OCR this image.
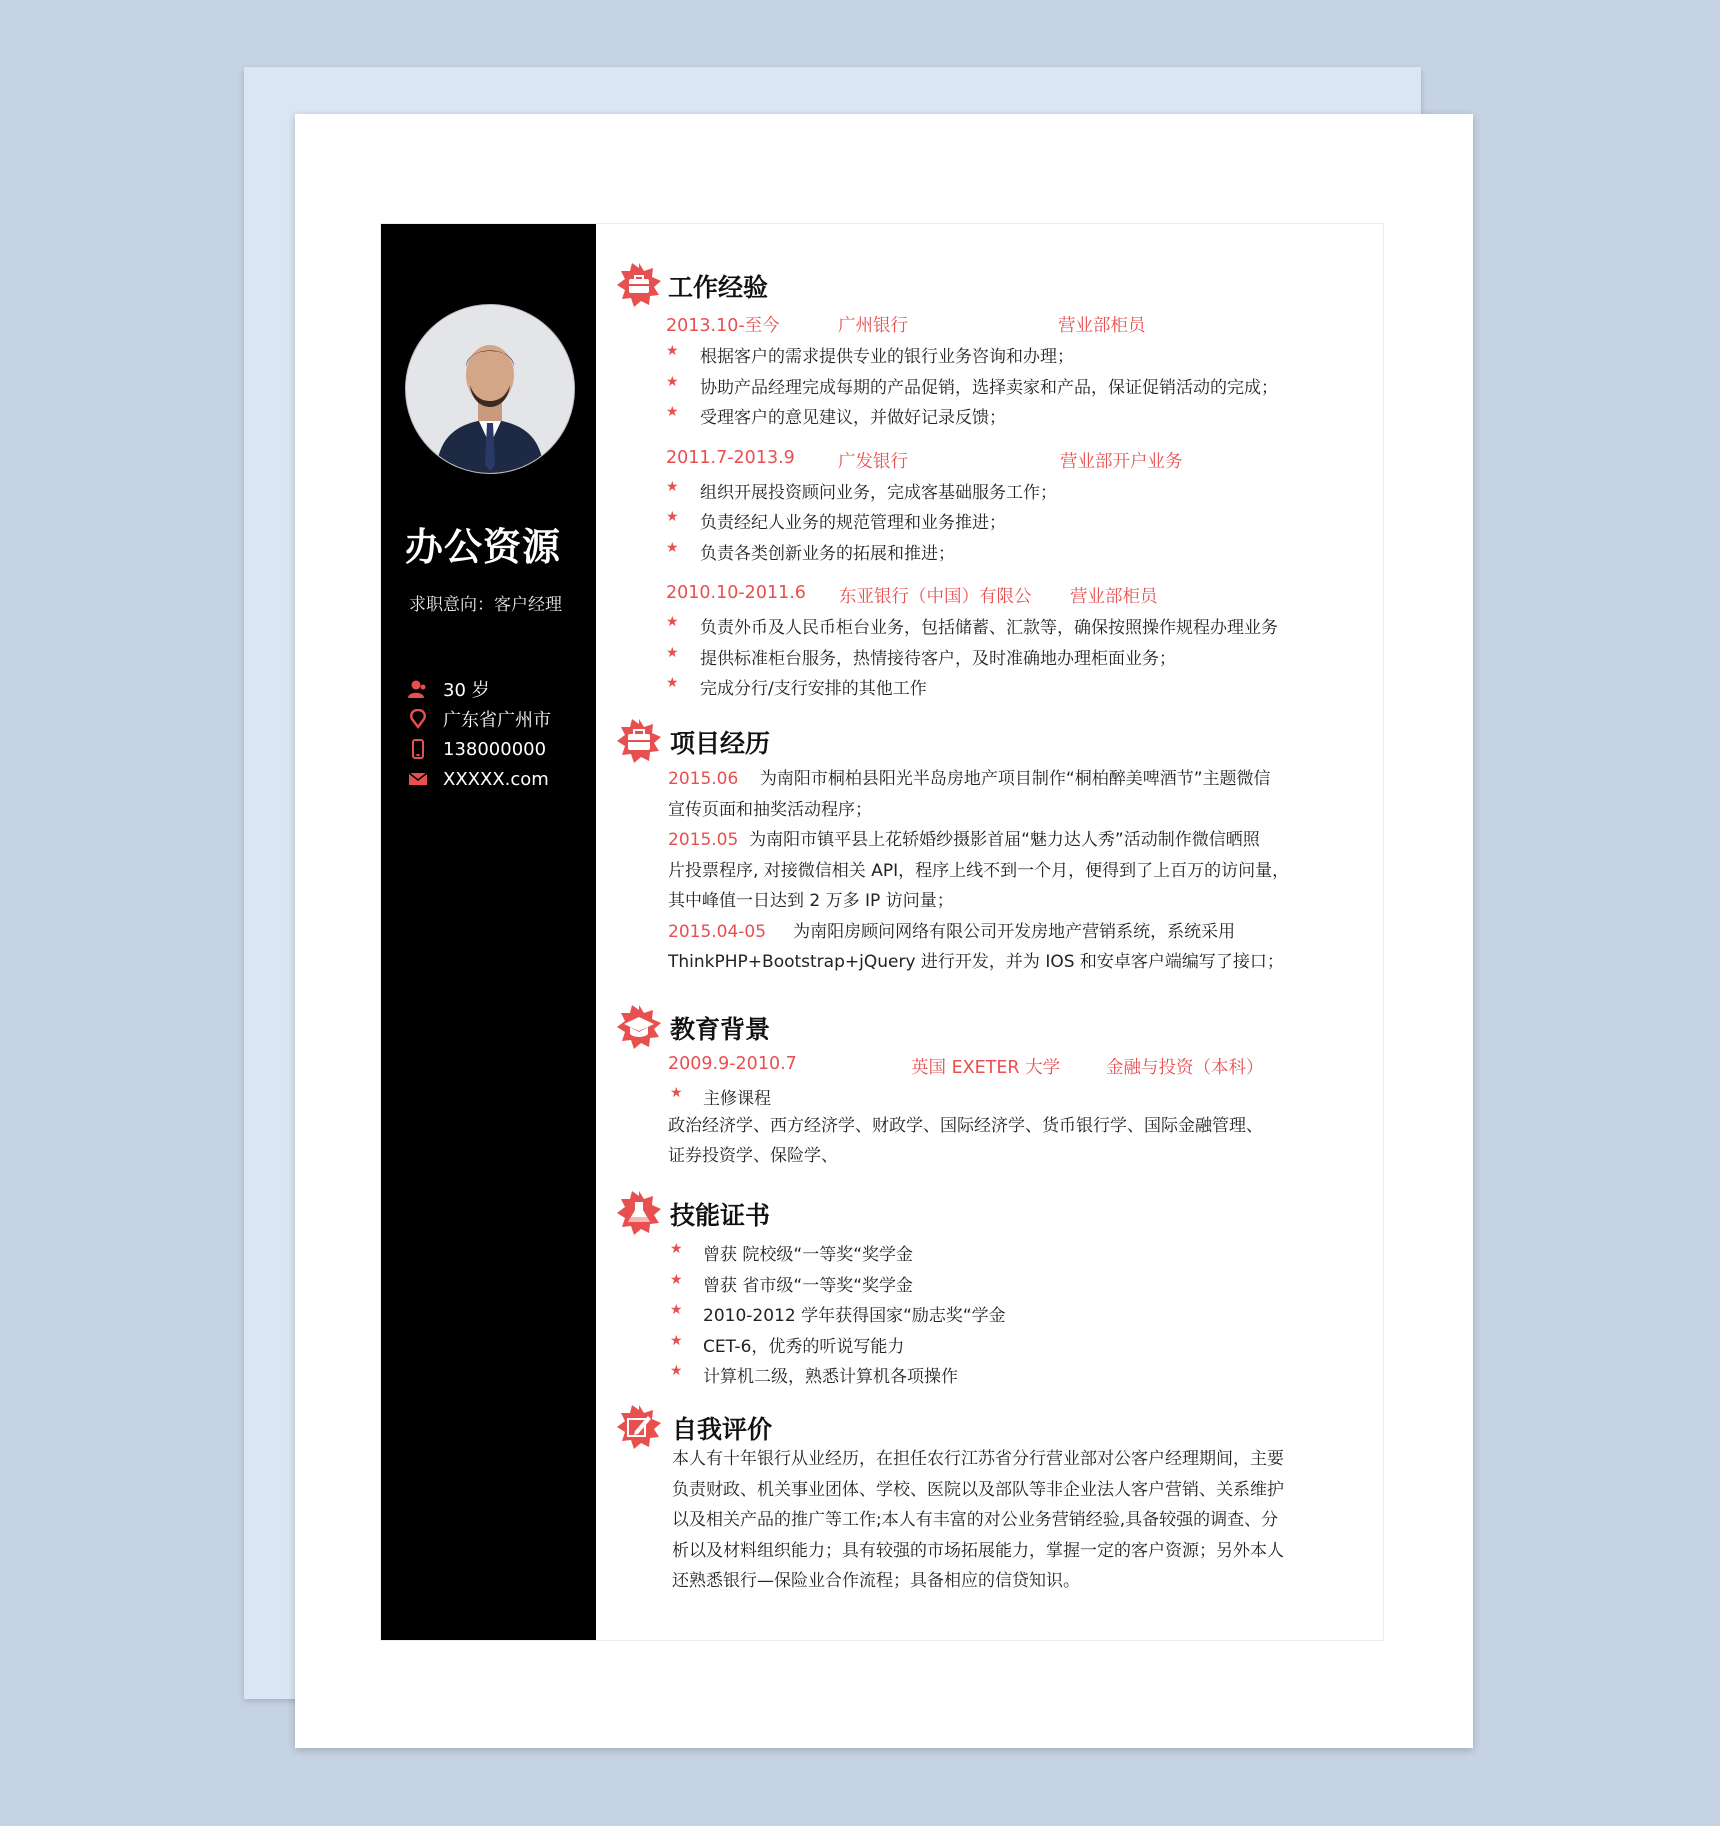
办公资源
求职意向：客户经理
30 岁
广东省广州市
138000000
XXXXX.com
工作经验
2013.10-至今	广州银行	营业部柜员
★ 根据客户的需求提供专业的银行业务咨询和办理；
★ 协助产品经理完成每期的产品促销，选择卖家和产品，保证促销活动的完成；
★ 受理客户的意见建议，并做好记录反馈；
2011.7-2013.9 广发银行	营业部开户业务
★ 组织开展投资顾问业务，完成客基础服务工作；
★ 负责经纪人业务的规范管理和业务推进；
★ 负责各类创新业务的拓展和推进；
2010.10-2011.6 东亚银行（中国）有限公 营业部柜员
★ 负责外币及人民币柜台业务，包括储蓄、汇款等，确保按照操作规程办理业务
★ 提供标准柜台服务，热情接待客户，及时准确地办理柜面业务；
★ 完成分行/支行安排的其他工作
项目经历
2015.06 为南阳市桐柏县阳光半岛房地产项目制作“桐柏醉美啤酒节”主题微信
宣传页面和抽奖活动程序；
2015.05 为南阳市镇平县上花轿婚纱摄影首届“魅力达人秀”活动制作微信晒照
片投票程序, 对接微信相关 API，程序上线不到一个月，便得到了上百万的访问量，
其中峰值一日达到 2 万多 IP 访问量；
2015.04-05 为南阳房顾问网络有限公司开发房地产营销系统，系统采用
ThinkPHP+Bootstrap+jQuery 进行开发，并为 IOS 和安卓客户端编写了接口；
教育背景
2009.9-2010.7	英国 EXETER 大学	金融与投资（本科）
★ 主修课程
政治经济学、西方经济学、财政学、国际经济学、货币银行学、国际金融管理、
证券投资学、保险学、
技能证书
★ 曾获 院校级“一等奖“奖学金
★ 曾获 省市级“一等奖“奖学金
★ 2010-2012 学年获得国家“励志奖“学金
★ CET-6，优秀的听说写能力
★ 计算机二级，熟悉计算机各项操作
自我评价
本人有十年银行从业经历，在担任农行江苏省分行营业部对公客户经理期间，主要
负责财政、机关事业团体、学校、医院以及部队等非企业法人客户营销、关系维护
以及相关产品的推广等工作;本人有丰富的对公业务营销经验,具备较强的调查、分
析以及材料组织能力；具有较强的市场拓展能力，掌握一定的客户资源；另外本人
还熟悉银行—保险业合作流程；具备相应的信贷知识。
